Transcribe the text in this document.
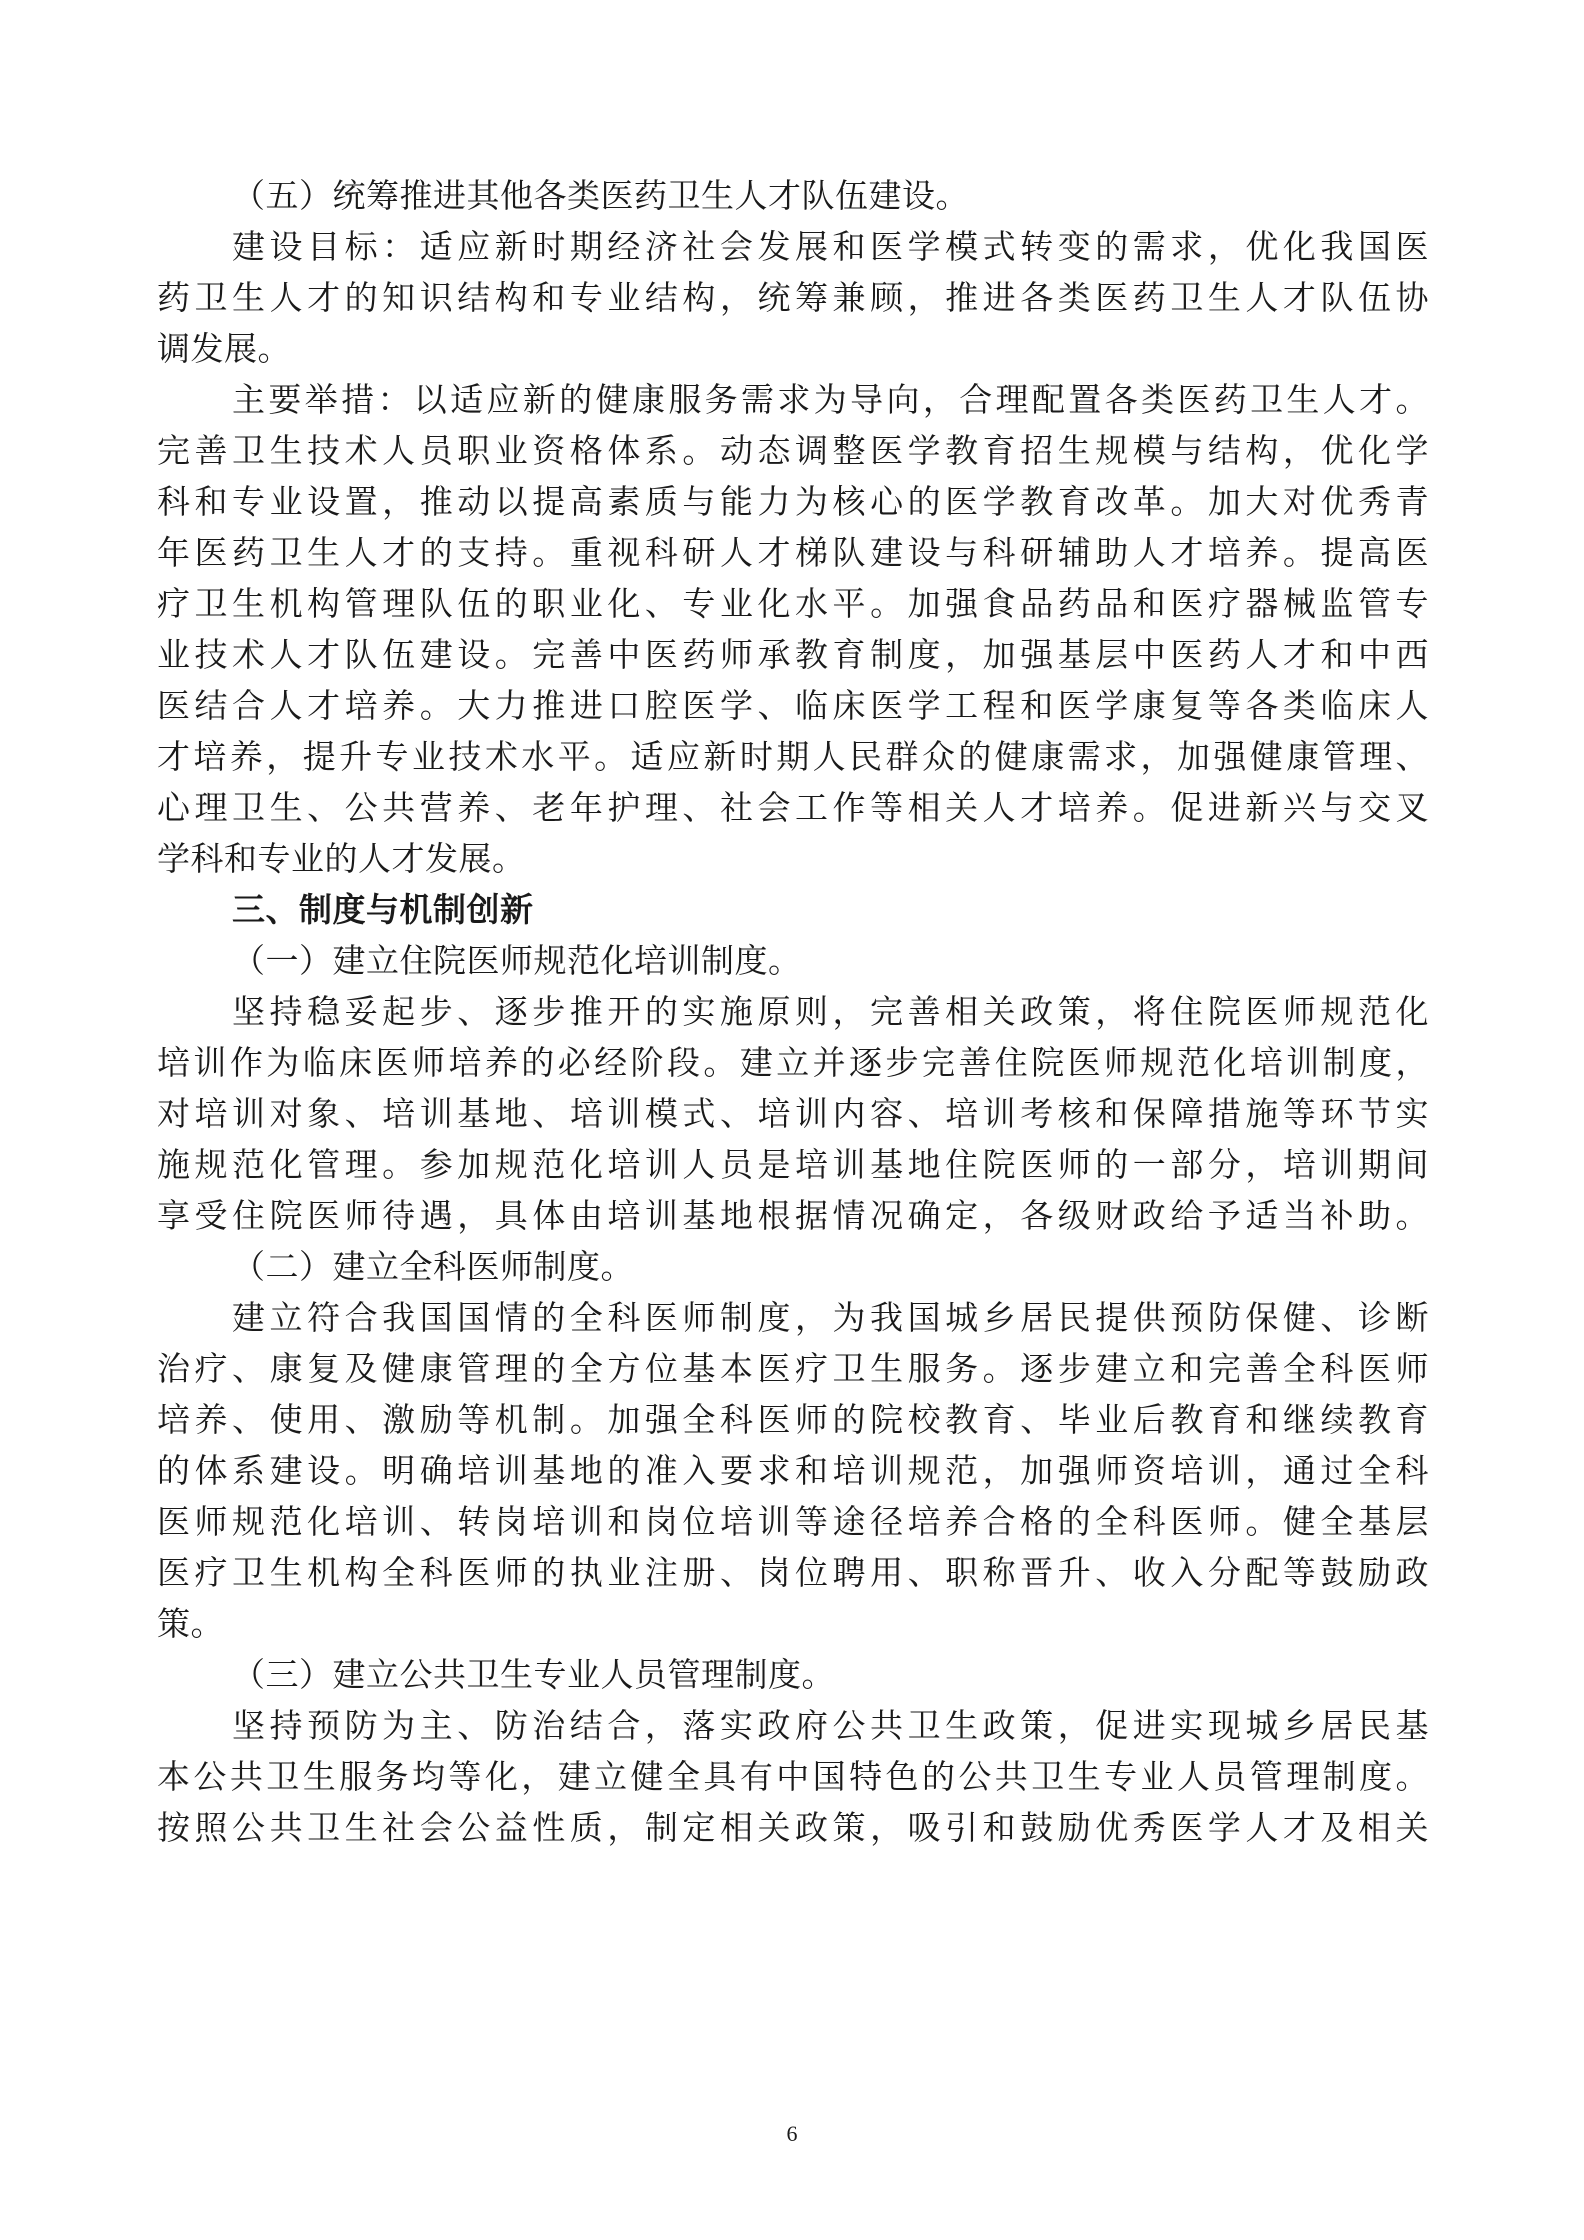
（五）统筹推进其他各类医药卫生人才队伍建设。

建设目标：适应新时期经济社会发展和医学模式转变的需求，优化我国医

药卫生人才的知识结构和专业结构，统筹兼顾，推进各类医药卫生人才队伍协

调发展。

主要举措：以适应新的健康服务需求为导向，合理配置各类医药卫生人才。

完善卫生技术人员职业资格体系。动态调整医学教育招生规模与结构，优化学

科和专业设置，推动以提高素质与能力为核心的医学教育改革。加大对优秀青

年医药卫生人才的支持。重视科研人才梯队建设与科研辅助人才培养。提高医

疗卫生机构管理队伍的职业化、专业化水平。加强食品药品和医疗器械监管专

业技术人才队伍建设。完善中医药师承教育制度，加强基层中医药人才和中西

医结合人才培养。大力推进口腔医学、临床医学工程和医学康复等各类临床人

才培养，提升专业技术水平。适应新时期人民群众的健康需求，加强健康管理、

心理卫生、公共营养、老年护理、社会工作等相关人才培养。促进新兴与交叉

学科和专业的人才发展。

三、制度与机制创新

（一）建立住院医师规范化培训制度。

坚持稳妥起步、逐步推开的实施原则，完善相关政策，将住院医师规范化

培训作为临床医师培养的必经阶段。建立并逐步完善住院医师规范化培训制度，

对培训对象、培训基地、培训模式、培训内容、培训考核和保障措施等环节实

施规范化管理。参加规范化培训人员是培训基地住院医师的一部分，培训期间

享受住院医师待遇，具体由培训基地根据情况确定，各级财政给予适当补助。

（二）建立全科医师制度。

建立符合我国国情的全科医师制度，为我国城乡居民提供预防保健、诊断

治疗、康复及健康管理的全方位基本医疗卫生服务。逐步建立和完善全科医师

培养、使用、激励等机制。加强全科医师的院校教育、毕业后教育和继续教育

的体系建设。明确培训基地的准入要求和培训规范，加强师资培训，通过全科

医师规范化培训、转岗培训和岗位培训等途径培养合格的全科医师。健全基层

医疗卫生机构全科医师的执业注册、岗位聘用、职称晋升、收入分配等鼓励政

策。

（三）建立公共卫生专业人员管理制度。

坚持预防为主、防治结合，落实政府公共卫生政策，促进实现城乡居民基

本公共卫生服务均等化，建立健全具有中国特色的公共卫生专业人员管理制度。

按照公共卫生社会公益性质，制定相关政策，吸引和鼓励优秀医学人才及相关

6
